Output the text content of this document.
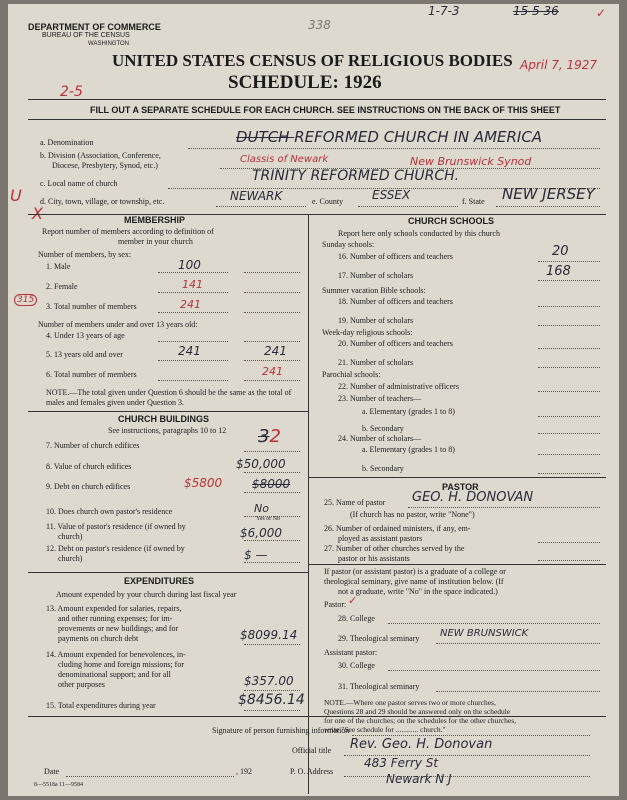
DEPARTMENT OF COMMERCE
BUREAU OF THE CENSUS
WASHINGTON
338
1-7-3	15 5 36	✓
UNITED STATES CENSUS OF RELIGIOUS BODIES
SCHEDULE: 1926
April 7, 1927
2-5
FILL OUT A SEPARATE SCHEDULE FOR EACH CHURCH. SEE INSTRUCTIONS ON THE BACK OF THIS SHEET
a. Denomination	DUTCH REFORMED CHURCH IN AMERICA
b. Division (Association, Conference,
Diocese, Presbytery, Synod, etc.)
Classis of Newark	New Brunswick Synod
c. Local name of church	TRINITY REFORMED CHURCH.
d. City, town, village, or township, etc.	NEWARK	e. County ESSEX	f. State NEW JERSEY
U
X	MEMBERSHIP
Report number of members according to definition of
member in your church
Number of members, by sex:
1. Male	100
2. Female	141
315
3. Total number of members	241
Number of members under and over 13 years old:
4. Under 13 years of age
5. 13 years old and over	241	241
6. Total number of members	241
NOTE.—The total given under Question 6 should be the same as the total of males and females given under Question 3.
CHURCH BUILDINGS
See instructions, paragraphs 10 to 12
7. Number of church edifices	32
8. Value of church edifices	$50,000
9. Debt on church edifices	$5800 $8000
10. Does church own pastor's residence	No
Yes or No
11. Value of pastor's residence (if owned by
church)	$6,000
12. Debt on pastor's residence (if owned by
church)	$ —
EXPENDITURES
Amount expended by your church during last fiscal year
13. Amount expended for salaries, repairs,
and other running expenses; for im-
provements or new buildings; and for
payments on church debt	$8099.14
14. Amount expended for benevolences, in-
cluding home and foreign missions; for
denominational support; and for all
other purposes	$357.00
15. Total expenditures during year	$8456.14
CHURCH SCHOOLS
Report here only schools conducted by this church
Sunday schools:
16. Number of officers and teachers	20
17. Number of scholars	168
Summer vacation Bible schools:
18. Number of officers and teachers
19. Number of scholars
Week-day religious schools:
20. Number of officers and teachers
21. Number of scholars
Parochial schools:
22. Number of administrative officers
23. Number of teachers—
a. Elementary (grades 1 to 8)
b. Secondary
24. Number of scholars—
a. Elementary (grades 1 to 8)
b. Secondary
PASTOR
25. Name of pastor GEO. H. DONOVAN
(If church has no pastor, write "None")
26. Number of ordained ministers, if any, em-
ployed as assistant pastors
27. Number of other churches served by the
pastor or his assistants
If pastor (or assistant pastor) is a graduate of a college or
theological seminary, give name of institution below. (If
not a graduate, write "No" in the space indicated.)
Pastor: ✓
28. College
29. Theological seminary NEW BRUNSWICK
Assistant pastor:
30. College
31. Theological seminary
NOTE.—Where one pastor serves two or more churches,
Questions 28 and 29 should be answered only on the schedule
for one of the churches; on the schedules for the other churches,
write "See schedule for ............ church."
Signature of person furnishing information
Official title Rev. Geo. H. Donovan
Date	, 192	P. O. Address
483 Ferry St
Newark N J
8—5518a 11—9584
